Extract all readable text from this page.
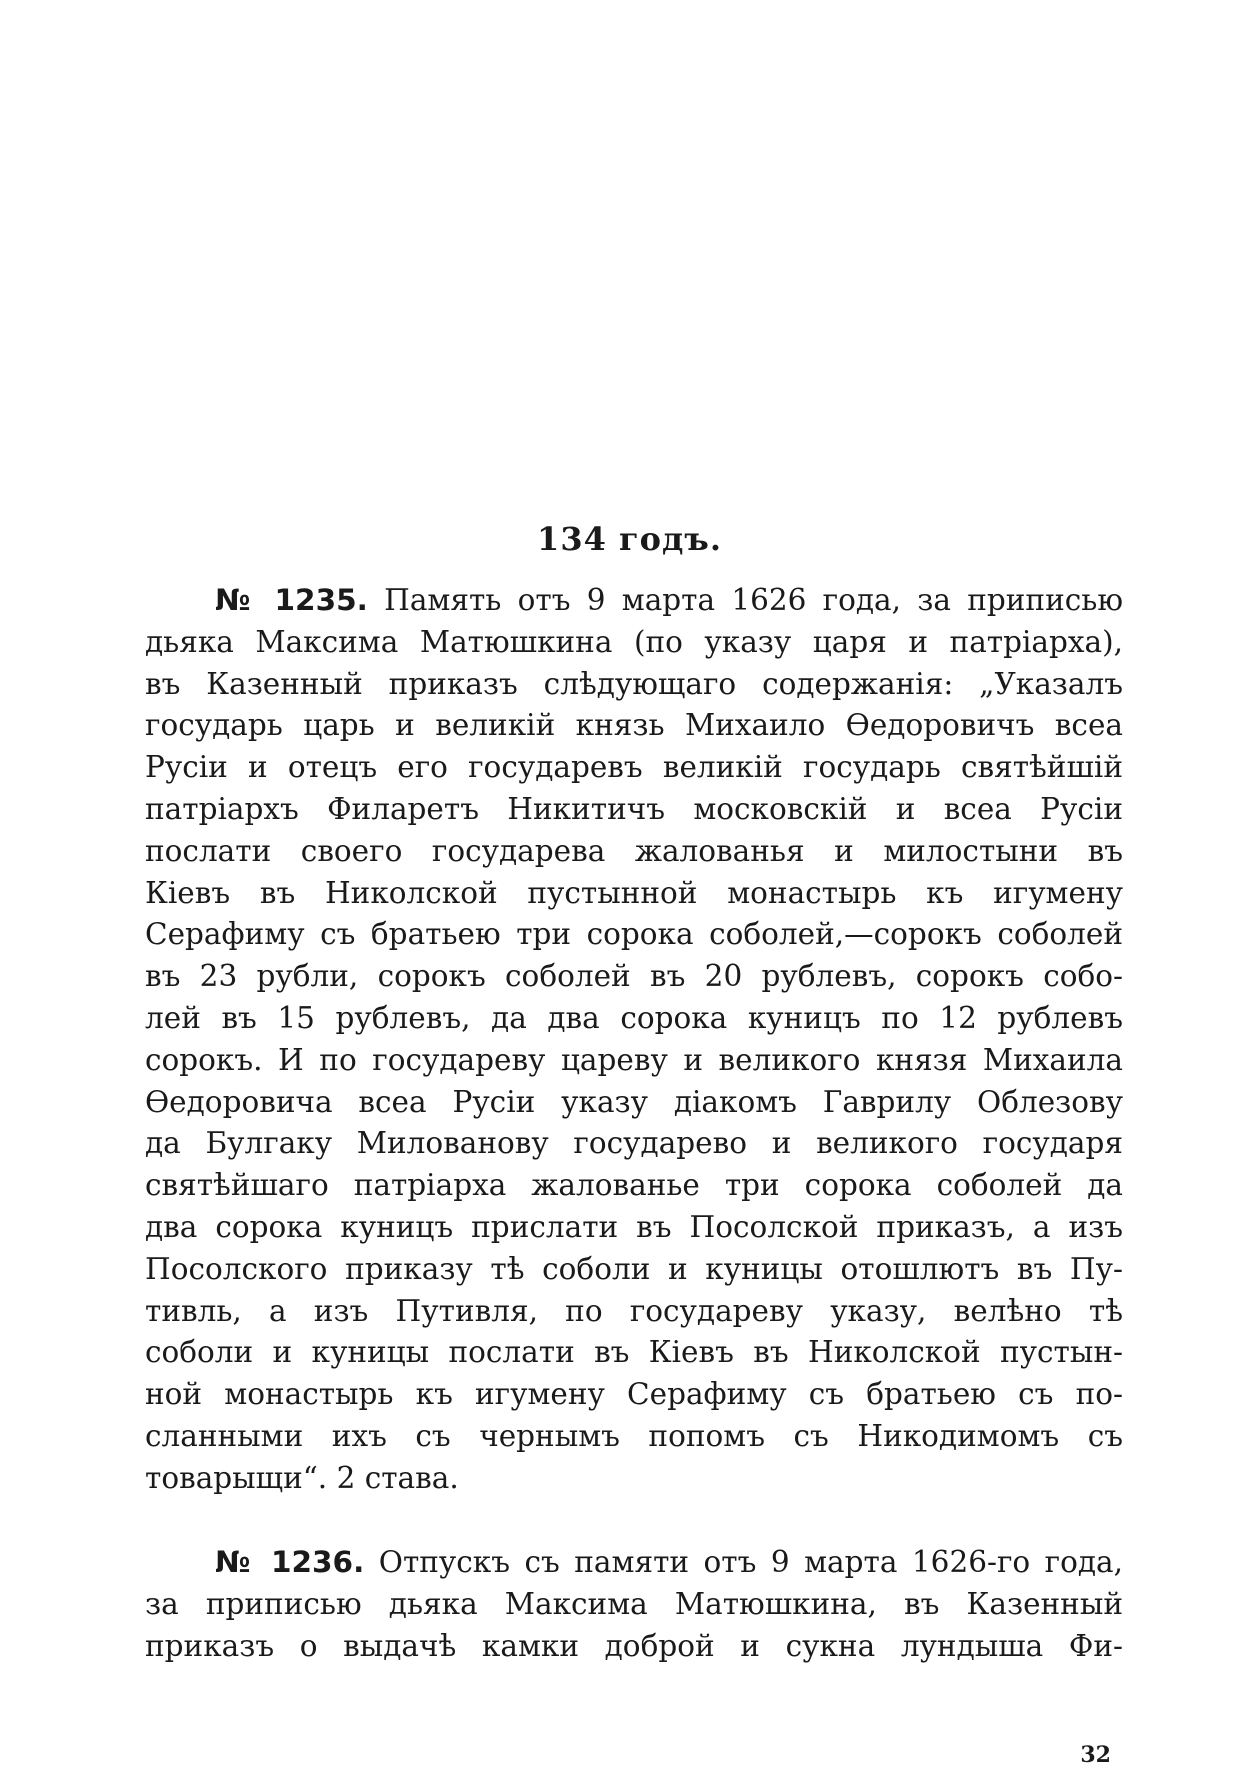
134 годъ.
№ 1235. Память отъ 9 марта 1626 года, за приписью
дьяка Максима Матюшкина (по указу царя и патріарха),
въ Казенный приказъ слѣдующаго содержанія: „Указалъ
государь царь и великій князь Михаило Өедоровичъ всеа
Русіи и отецъ его государевъ великій государь святѣйшій
патріархъ Филаретъ Никитичъ московскій и всеа Русіи
послати своего государева жалованья и милостыни въ
Кіевъ въ Николской пустынной монастырь къ игумену
Серафиму съ братьею три сорока соболей,—сорокъ соболей
въ 23 рубли, сорокъ соболей въ 20 рублевъ, сорокъ собо-
лей въ 15 рублевъ, да два сорока куницъ по 12 рублевъ
сорокъ. И по государеву цареву и великого князя Михаила
Өедоровича всеа Русіи указу діакомъ Гаврилу Облезову
да Булгаку Милованову государево и великого государя
святѣйшаго патріарха жалованье три сорока соболей да
два сорока куницъ прислати въ Посолской приказъ, а изъ
Посолского приказу тѣ соболи и куницы отошлютъ въ Пу-
тивль, а изъ Путивля, по государеву указу, велѣно тѣ
соболи и куницы послати въ Кіевъ въ Николской пустын-
ной монастырь къ игумену Серафиму съ братьею съ по-
сланными ихъ съ чернымъ попомъ съ Никодимомъ съ
товарыщи“. 2 става.
№ 1236. Отпускъ съ памяти отъ 9 марта 1626-го года,
за приписью дьяка Максима Матюшкина, въ Казенный
приказъ о выдачѣ камки доброй и сукна лундыша Фи-
32
